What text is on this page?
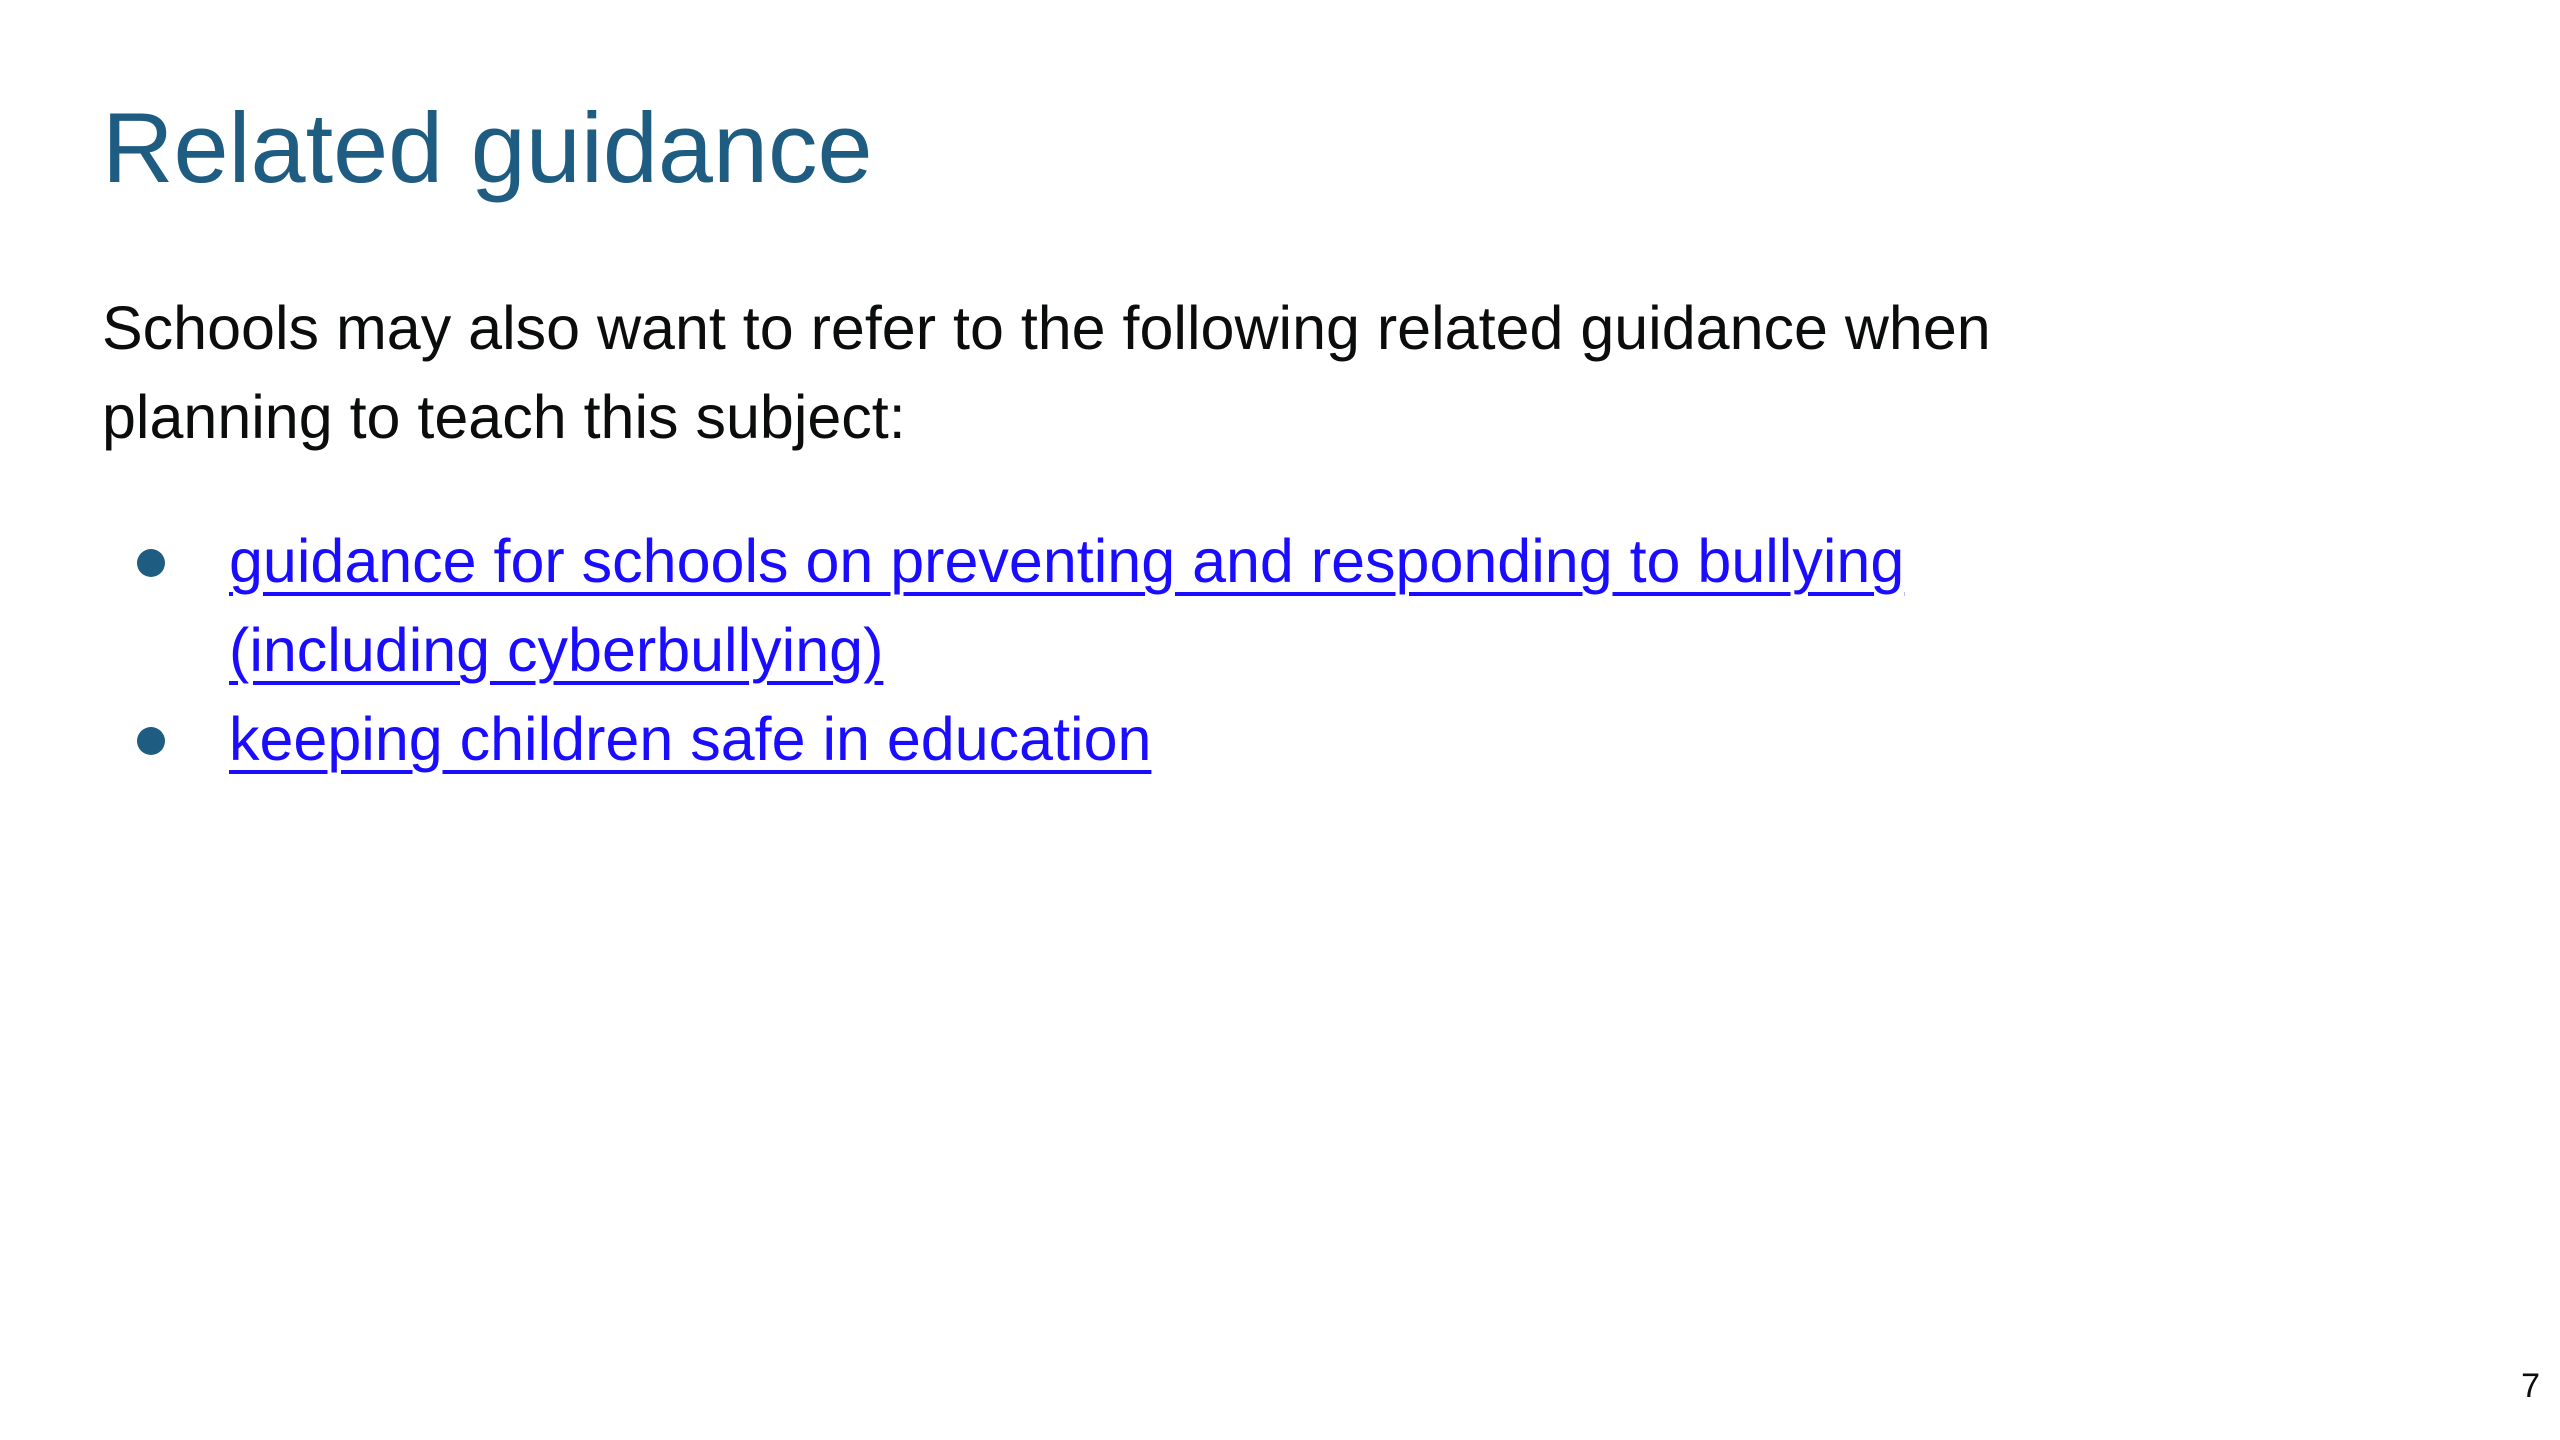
Related guidance

Schools may also want to refer to the following related guidance when planning to teach this subject:

guidance for schools on preventing and responding to bullying (including cyberbullying)
keeping children safe in education
7
